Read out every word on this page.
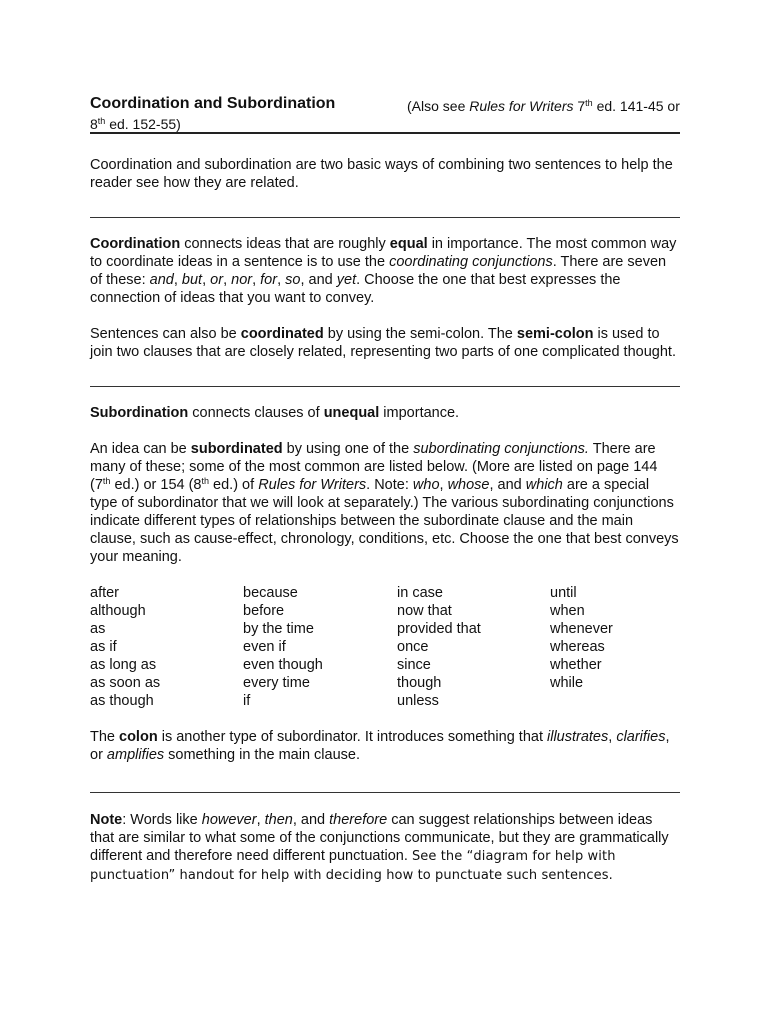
Coordination and Subordination	(Also see Rules for Writers 7th ed. 141-45 or
8th ed. 152-55)

Coordination and subordination are two basic ways of combining two sentences to help the reader see how they are related.

Coordination connects ideas that are roughly equal in importance. The most common way to coordinate ideas in a sentence is to use the coordinating conjunctions. There are seven of these: and, but, or, nor, for, so, and yet. Choose the one that best expresses the connection of ideas that you want to convey.

Sentences can also be coordinated by using the semi-colon. The semi-colon is used to join two clauses that are closely related, representing two parts of one complicated thought.

Subordination connects clauses of unequal importance.

An idea can be subordinated by using one of the subordinating conjunctions. There are many of these; some of the most common are listed below. (More are listed on page 144 (7th ed.) or 154 (8th ed.) of Rules for Writers. Note: who, whose, and which are a special type of subordinator that we will look at separately.) The various subordinating conjunctions indicate different types of relationships between the subordinate clause and the main clause, such as cause-effect, chronology, conditions, etc. Choose the one that best conveys your meaning.

after	because	in case	until
although	before	now that	when
as	by the time	provided that	whenever
as if	even if	once	whereas
as long as	even though	since	whether
as soon as	every time	though	while
as though	if	unless

The colon is another type of subordinator. It introduces something that illustrates, clarifies, or amplifies something in the main clause.

Note: Words like however, then, and therefore can suggest relationships between ideas that are similar to what some of the conjunctions communicate, but they are grammatically different and therefore need different punctuation. See the “diagram for help with punctuation” handout for help with deciding how to punctuate such sentences.
